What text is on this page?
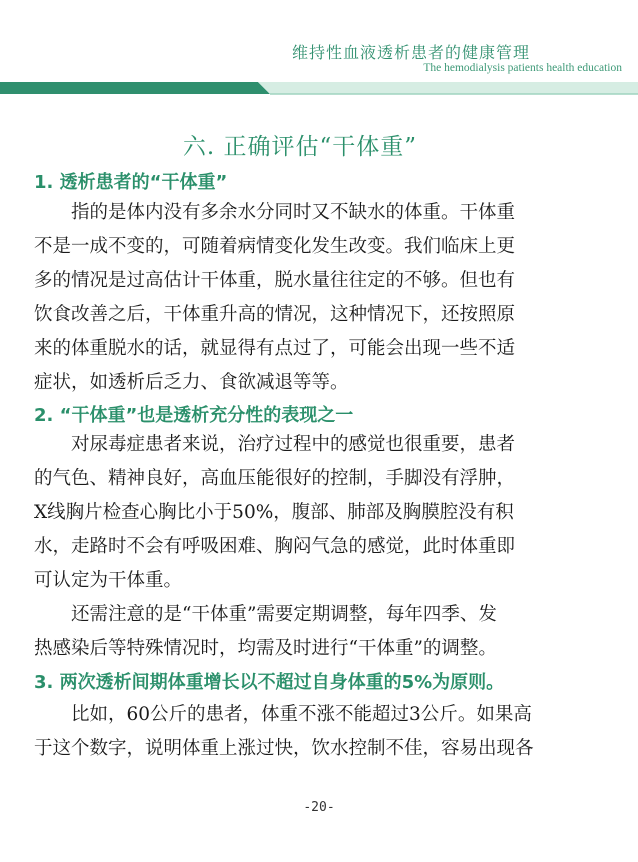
维持性血液透析患者的健康管理
The hemodialysis patients health education
六. 正确评估“干体重”
1. 透析患者的“干体重”
指的是体内没有多余水分同时又不缺水的体重。干体重
不是一成不变的，可随着病情变化发生改变。我们临床上更
多的情况是过高估计干体重，脱水量往往定的不够。但也有
饮食改善之后，干体重升高的情况，这种情况下，还按照原
来的体重脱水的话，就显得有点过了，可能会出现一些不适
症状，如透析后乏力、食欲减退等等。
2. “干体重”也是透析充分性的表现之一
对尿毒症患者来说，治疗过程中的感觉也很重要，患者
的气色、精神良好，高血压能很好的控制，手脚没有浮肿，
X线胸片检查心胸比小于50%，腹部、肺部及胸膜腔没有积
水，走路时不会有呼吸困难、胸闷气急的感觉，此时体重即
可认定为干体重。
还需注意的是“干体重”需要定期调整，每年四季、发
热感染后等特殊情况时，均需及时进行“干体重”的调整。
3. 两次透析间期体重增长以不超过自身体重的5%为原则。
比如，60公斤的患者，体重不涨不能超过3公斤。如果高
于这个数字，说明体重上涨过快，饮水控制不佳，容易出现各
-20-
